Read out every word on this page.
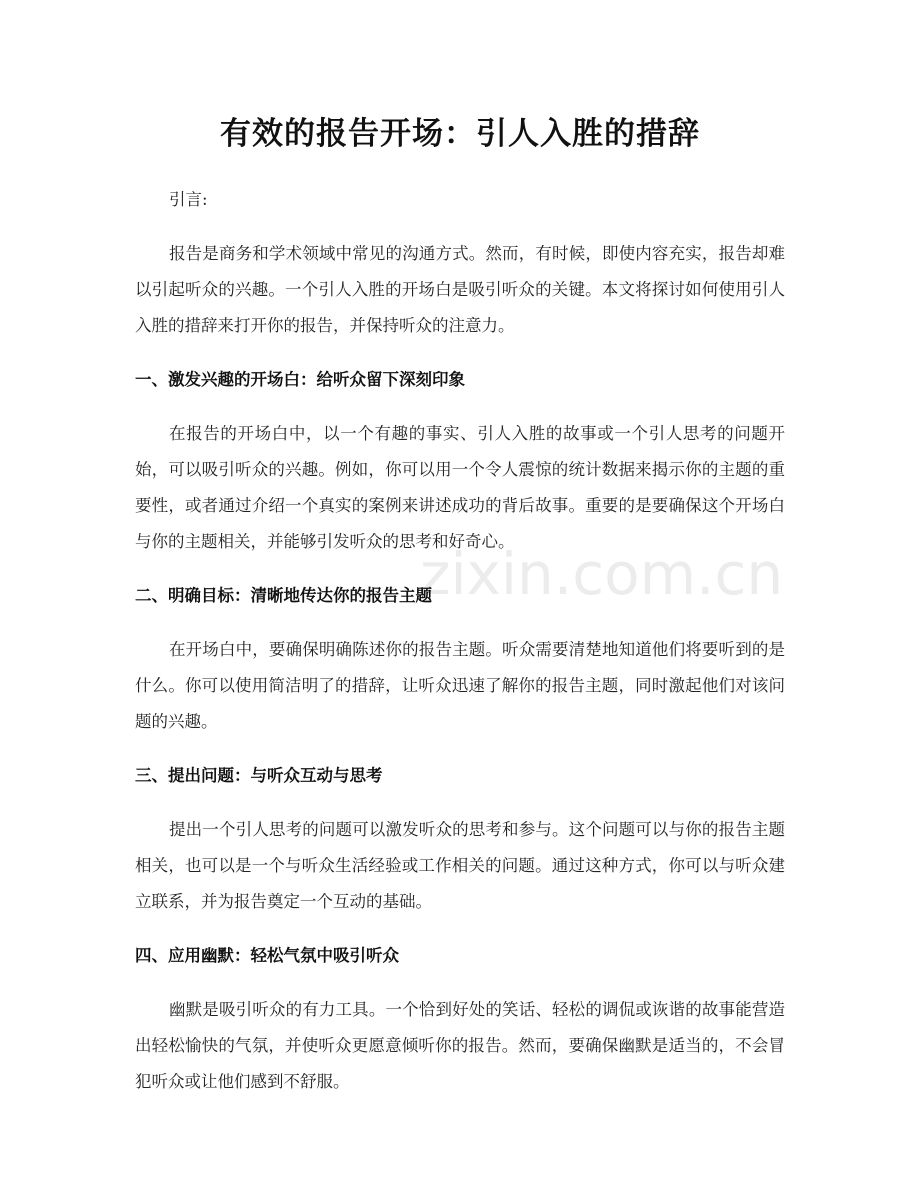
zixin.com.cn
有效的报告开场：引人入胜的措辞

引言:

报告是商务和学术领域中常见的沟通方式。然而，有时候，即使内容充实，报告却难以引起听众的兴趣。一个引人入胜的开场白是吸引听众的关键。本文将探讨如何使用引人入胜的措辞来打开你的报告，并保持听众的注意力。

一、激发兴趣的开场白：给听众留下深刻印象

在报告的开场白中，以一个有趣的事实、引人入胜的故事或一个引人思考的问题开始，可以吸引听众的兴趣。例如，你可以用一个令人震惊的统计数据来揭示你的主题的重要性，或者通过介绍一个真实的案例来讲述成功的背后故事。重要的是要确保这个开场白与你的主题相关，并能够引发听众的思考和好奇心。

二、明确目标：清晰地传达你的报告主题

在开场白中，要确保明确陈述你的报告主题。听众需要清楚地知道他们将要听到的是什么。你可以使用简洁明了的措辞，让听众迅速了解你的报告主题，同时激起他们对该问题的兴趣。

三、提出问题：与听众互动与思考

提出一个引人思考的问题可以激发听众的思考和参与。这个问题可以与你的报告主题相关，也可以是一个与听众生活经验或工作相关的问题。通过这种方式，你可以与听众建立联系，并为报告奠定一个互动的基础。

四、应用幽默：轻松气氛中吸引听众

幽默是吸引听众的有力工具。一个恰到好处的笑话、轻松的调侃或诙谐的故事能营造出轻松愉快的气氛，并使听众更愿意倾听你的报告。然而，要确保幽默是适当的，不会冒犯听众或让他们感到不舒服。
